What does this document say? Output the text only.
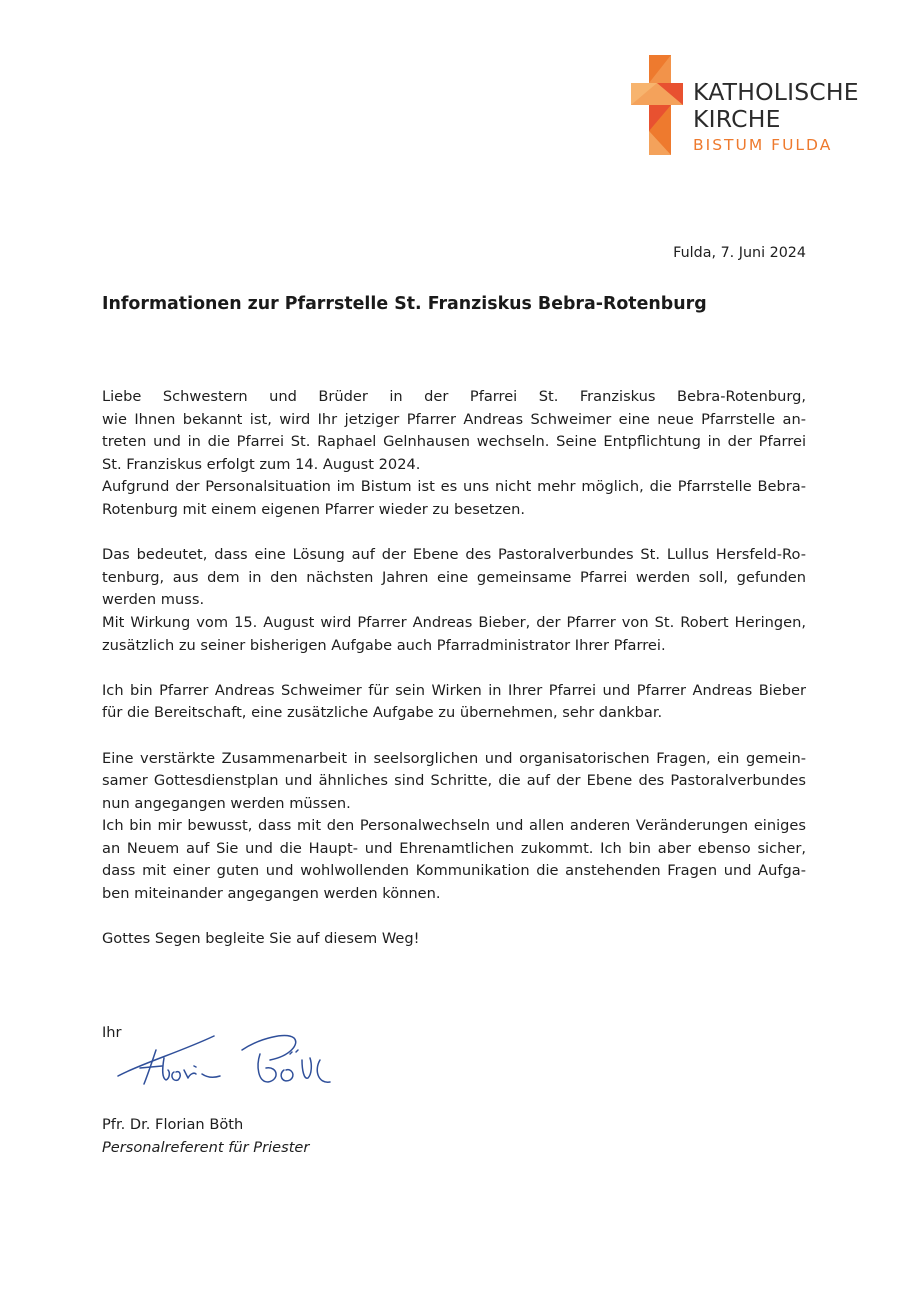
KATHOLISCHE
KIRCHE
BISTUM FULDA
Fulda, 7. Juni 2024
Informationen zur Pfarrstelle St. Franziskus Bebra-Rotenburg

Liebe Schwestern und Brüder in der Pfarrei St. Franziskus Bebra-Rotenburg,
wie Ihnen bekannt ist, wird Ihr jetziger Pfarrer Andreas Schweimer eine neue Pfarrstelle an-
treten und in die Pfarrei St. Raphael Gelnhausen wechseln. Seine Entpflichtung in der Pfarrei
St. Franziskus erfolgt zum 14. August 2024.
Aufgrund der Personalsituation im Bistum ist es uns nicht mehr möglich, die Pfarrstelle Bebra-
Rotenburg mit einem eigenen Pfarrer wieder zu besetzen.

Das bedeutet, dass eine Lösung auf der Ebene des Pastoralverbundes St. Lullus Hersfeld-Ro-
tenburg, aus dem in den nächsten Jahren eine gemeinsame Pfarrei werden soll, gefunden
werden muss.
Mit Wirkung vom 15. August wird Pfarrer Andreas Bieber, der Pfarrer von St. Robert Heringen,
zusätzlich zu seiner bisherigen Aufgabe auch Pfarradministrator Ihrer Pfarrei.

Ich bin Pfarrer Andreas Schweimer für sein Wirken in Ihrer Pfarrei und Pfarrer Andreas Bieber
für die Bereitschaft, eine zusätzliche Aufgabe zu übernehmen, sehr dankbar.

Eine verstärkte Zusammenarbeit in seelsorglichen und organisatorischen Fragen, ein gemein-
samer Gottesdienstplan und ähnliches sind Schritte, die auf der Ebene des Pastoralverbundes
nun angegangen werden müssen.
Ich bin mir bewusst, dass mit den Personalwechseln und allen anderen Veränderungen einiges
an Neuem auf Sie und die Haupt- und Ehrenamtlichen zukommt. Ich bin aber ebenso sicher,
dass mit einer guten und wohlwollenden Kommunikation die anstehenden Fragen und Aufga-
ben miteinander angegangen werden können.

Gottes Segen begleite Sie auf diesem Weg!

Ihr
Pfr. Dr. Florian Böth
Personalreferent für Priester
